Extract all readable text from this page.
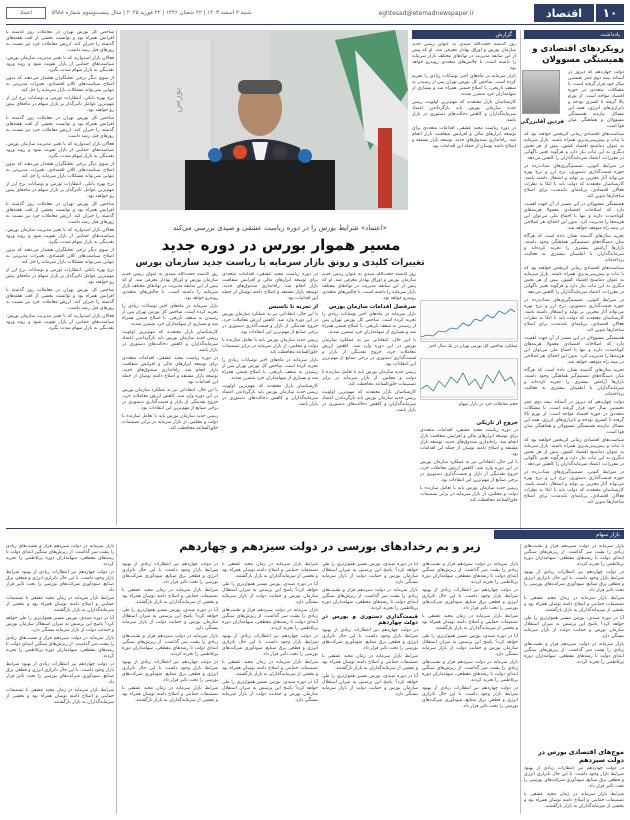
۱۰
اقتصاد
eghtesad@etemadnewspaper.ir
شنبه ۴ اسفند ۱۴۰۳ | ۲۲ شعبان ۱۴۴۶ | ۲۲ فوریه ۲۰۲۵ | سال بیست‌وسوم شماره ۵۹۸۸
اعتماد
یادداشت
رویکردهای اقتصادی و همبستگی مسوولان
فردین آقابزرگی

دولت چهاردهم که دیروز در آستانه نیمه دوم عمر نخستین سال خود قرار گرفته است، با مشکلات متعددی در حوزه اقتصاد مواجه است. از تورم بالا گرفته تا کسری بودجه و ناترازی‌های انرژی، همه این مسائل نیازمند همبستگی مسوولان و هماهنگی میان قوا است.

سیاست‌های اقتصادی زمانی اثربخش خواهند بود که با ثبات و پیش‌بینی‌پذیری همراه باشند. بازار سرمایه به عنوان دماسنج اقتصاد کشور، بیش از هر بخش دیگری به این ثبات نیاز دارد و هرگونه تغییر ناگهانی در مقررات، اعتماد سرمایه‌گذاران را کاهش می‌دهد.

در شرایط کنونی، تصمیم‌گیری‌های شتاب‌زده در حوزه قیمت‌گذاری دستوری، نرخ ارز و نرخ بهره می‌تواند آثار مخربی بر تولید و اشتغال داشته باشد. کارشناسان معتقدند که دولت باید با اتکا به نظرات فعالان اقتصادی، برنامه‌ای بلندمدت برای اصلاح ساختارها تدوین کند.

همبستگی مسوولان در این مسیر از آن جهت اهمیت دارد که اصلاحات اقتصادی معمولا هزینه‌های کوتاه‌مدت دارند و تنها با اجماع ملی می‌توان این هزینه‌ها را مدیریت کرد. بدون این اجماع، هر اصلاحی در نیمه راه متوقف خواهد شد.

تجربه سال‌های گذشته نشان داده است که هرگاه میان دستگاه‌های تصمیم‌گیر هماهنگی وجود داشته، بازارها آرامش بیشتری را تجربه کرده‌اند و سرمایه‌گذاران با اطمینان بیشتری به فعالیت پرداخته‌اند.

سیاست‌های اقتصادی زمانی اثربخش خواهند بود که با ثبات و پیش‌بینی‌پذیری همراه باشند. بازار سرمایه به عنوان دماسنج اقتصاد کشور، بیش از هر بخش دیگری به این ثبات نیاز دارد و هرگونه تغییر ناگهانی در مقررات، اعتماد سرمایه‌گذاران را کاهش می‌دهد.

در شرایط کنونی، تصمیم‌گیری‌های شتاب‌زده در حوزه قیمت‌گذاری دستوری، نرخ ارز و نرخ بهره می‌تواند آثار مخربی بر تولید و اشتغال داشته باشد. کارشناسان معتقدند که دولت باید با اتکا به نظرات فعالان اقتصادی، برنامه‌ای بلندمدت برای اصلاح ساختارها تدوین کند.

همبستگی مسوولان در این مسیر از آن جهت اهمیت دارد که اصلاحات اقتصادی معمولا هزینه‌های کوتاه‌مدت دارند و تنها با اجماع ملی می‌توان این هزینه‌ها را مدیریت کرد. بدون این اجماع، هر اصلاحی در نیمه راه متوقف خواهد شد.

تجربه سال‌های گذشته نشان داده است که هرگاه میان دستگاه‌های تصمیم‌گیر هماهنگی وجود داشته، بازارها آرامش بیشتری را تجربه کرده‌اند و سرمایه‌گذاران با اطمینان بیشتری به فعالیت پرداخته‌اند.

دولت چهاردهم که دیروز در آستانه نیمه دوم عمر نخستین سال خود قرار گرفته است، با مشکلات متعددی در حوزه اقتصاد مواجه است. از تورم بالا گرفته تا کسری بودجه و ناترازی‌های انرژی، همه این مسائل نیازمند همبستگی مسوولان و هماهنگی میان قوا است.

سیاست‌های اقتصادی زمانی اثربخش خواهند بود که با ثبات و پیش‌بینی‌پذیری همراه باشند. بازار سرمایه به عنوان دماسنج اقتصاد کشور، بیش از هر بخش دیگری به این ثبات نیاز دارد و هرگونه تغییر ناگهانی در مقررات، اعتماد سرمایه‌گذاران را کاهش می‌دهد.

در شرایط کنونی، تصمیم‌گیری‌های شتاب‌زده در حوزه قیمت‌گذاری دستوری، نرخ ارز و نرخ بهره می‌تواند آثار مخربی بر تولید و اشتغال داشته باشد. کارشناسان معتقدند که دولت باید با اتکا به نظرات فعالان اقتصادی، برنامه‌ای بلندمدت برای اصلاح ساختارها تدوین کند.

گزارش

روز گذشته حجت‌الله صیدی به عنوان رییس جدید سازمان بورس و اوراق بهادار معرفی شد. او که پیش از این سابقه مدیریت در نهادهای مختلف بازار سرمایه را داشته است، با چالش‌های متعددی روبه‌رو خواهد بود.

بازار سرمایه در ماه‌های اخیر نوسانات زیادی را تجربه کرده است. شاخص کل بورس تهران پس از رسیدن به سقف تاریخی، با اصلاح قیمتی همراه شد و بسیاری از سهامداران خرد متضرر شدند.

کارشناسان بازار معتقدند که مهم‌ترین اولویت رییس جدید سازمان بورس باید بازگرداندن اعتماد سرمایه‌گذاران و کاهش دخالت‌های دستوری در بازار باشد.

در دوره ریاست مجید عشقی، اقدامات متعددی برای توسعه ابزارهای مالی و افزایش شفافیت بازار انجام شد. راه‌اندازی صندوق‌های جدید، توسعه بازار مشتقه و اصلاح دامنه نوسان از جمله این اقدامات بود.

بورس
«اعتماد» شرایط بورس را در دوره ریاست عشقی و صیدی بررسی می‌کند
مسیر هموار بورس در دوره جدید
تغییرات کلیدی و رونق بازار سرمایه با ریاست جدید سازمان بورس

شاخص کل بورس تهران در معاملات روز گذشته با افزایش همراه بود و توانست بخشی از افت هفته‌های گذشته را جبران کند. ارزش معاملات خرد نیز نسبت به روزهای قبل رشد داشت.

فعالان بازار امیدوارند که با تغییر مدیریت سازمان بورس، سیاست‌های حمایتی از بازار تقویت شود و روند ورود نقدینگی به بازار سهام شدت بگیرد.

از سوی دیگر برخی تحلیلگران هشدار می‌دهند که بدون اصلاح سیاست‌های کلان اقتصادی، تغییرات مدیریتی به تنهایی نمی‌تواند مشکلات بازار سرمایه را حل کند.

نرخ بهره بانکی، انتظارات تورمی و نوسانات نرخ ارز از مهم‌ترین عوامل تاثیرگذار بر بازار سهام در ماه‌های پیش رو خواهند بود.

شاخص کل بورس تهران در معاملات روز گذشته با افزایش همراه بود و توانست بخشی از افت هفته‌های گذشته را جبران کند. ارزش معاملات خرد نیز نسبت به روزهای قبل رشد داشت.

فعالان بازار امیدوارند که با تغییر مدیریت سازمان بورس، سیاست‌های حمایتی از بازار تقویت شود و روند ورود نقدینگی به بازار سهام شدت بگیرد.

از سوی دیگر برخی تحلیلگران هشدار می‌دهند که بدون اصلاح سیاست‌های کلان اقتصادی، تغییرات مدیریتی به تنهایی نمی‌تواند مشکلات بازار سرمایه را حل کند.

نرخ بهره بانکی، انتظارات تورمی و نوسانات نرخ ارز از مهم‌ترین عوامل تاثیرگذار بر بازار سهام در ماه‌های پیش رو خواهند بود.

شاخص کل بورس تهران در معاملات روز گذشته با افزایش همراه بود و توانست بخشی از افت هفته‌های گذشته را جبران کند. ارزش معاملات خرد نیز نسبت به روزهای قبل رشد داشت.

فعالان بازار امیدوارند که با تغییر مدیریت سازمان بورس، سیاست‌های حمایتی از بازار تقویت شود و روند ورود نقدینگی به بازار سهام شدت بگیرد.

از سوی دیگر برخی تحلیلگران هشدار می‌دهند که بدون اصلاح سیاست‌های کلان اقتصادی، تغییرات مدیریتی به تنهایی نمی‌تواند مشکلات بازار سرمایه را حل کند.

نرخ بهره بانکی، انتظارات تورمی و نوسانات نرخ ارز از مهم‌ترین عوامل تاثیرگذار بر بازار سهام در ماه‌های پیش رو خواهند بود.

شاخص کل بورس تهران در معاملات روز گذشته با افزایش همراه بود و توانست بخشی از افت هفته‌های گذشته را جبران کند. ارزش معاملات خرد نیز نسبت به روزهای قبل رشد داشت.

فعالان بازار امیدوارند که با تغییر مدیریت سازمان بورس، سیاست‌های حمایتی از بازار تقویت شود و روند ورود نقدینگی به بازار سهام شدت بگیرد.

روز گذشته حجت‌الله صیدی به عنوان رییس جدید سازمان بورس و اوراق بهادار معرفی شد. او که پیش از این سابقه مدیریت در نهادهای مختلف بازار سرمایه را داشته است، با چالش‌های متعددی روبه‌رو خواهد بود.

بازار سرمایه در ماه‌های اخیر نوسانات زیادی را تجربه کرده است. شاخص کل بورس تهران پس از رسیدن به سقف تاریخی، با اصلاح قیمتی همراه شد و بسیاری از سهامداران خرد متضرر شدند.

کارشناسان بازار معتقدند که مهم‌ترین اولویت رییس جدید سازمان بورس باید بازگرداندن اعتماد سرمایه‌گذاران و کاهش دخالت‌های دستوری در بازار باشد.

در دوره ریاست مجید عشقی، اقدامات متعددی برای توسعه ابزارهای مالی و افزایش شفافیت بازار انجام شد. راه‌اندازی صندوق‌های جدید، توسعه بازار مشتقه و اصلاح دامنه نوسان از جمله این اقدامات بود.

با این حال، انتقاداتی نیز به عملکرد سازمان بورس در این دوره وارد شد. کاهش ارزش معاملات خرد، خروج نقدینگی از بازار و قیمت‌گذاری دستوری در برخی صنایع از مهم‌ترین این انتقادات بود.

رییس جدید سازمان بورس باید با تعامل سازنده با دولت و مجلس، از بازار سرمایه در برابر تصمیمات خلق‌الساعه محافظت کند.

در دوره ریاست مجید عشقی، اقدامات متعددی برای توسعه ابزارهای مالی و افزایش شفافیت بازار انجام شد. راه‌اندازی صندوق‌های جدید، توسعه بازار مشتقه و اصلاح دامنه نوسان از جمله این اقدامات بود.

از تجربه تا تاسیس

با این حال، انتقاداتی نیز به عملکرد سازمان بورس در این دوره وارد شد. کاهش ارزش معاملات خرد، خروج نقدینگی از بازار و قیمت‌گذاری دستوری در برخی صنایع از مهم‌ترین این انتقادات بود.

رییس جدید سازمان بورس باید با تعامل سازنده با دولت و مجلس، از بازار سرمایه در برابر تصمیمات خلق‌الساعه محافظت کند.

بازار سرمایه در ماه‌های اخیر نوسانات زیادی را تجربه کرده است. شاخص کل بورس تهران پس از رسیدن به سقف تاریخی، با اصلاح قیمتی همراه شد و بسیاری از سهامداران خرد متضرر شدند.

کارشناسان بازار معتقدند که مهم‌ترین اولویت رییس جدید سازمان بورس باید بازگرداندن اعتماد سرمایه‌گذاران و کاهش دخالت‌های دستوری در بازار باشد.

روز گذشته حجت‌الله صیدی به عنوان رییس جدید سازمان بورس و اوراق بهادار معرفی شد. او که پیش از این سابقه مدیریت در نهادهای مختلف بازار سرمایه را داشته است، با چالش‌های متعددی روبه‌رو خواهد بود.

سرفصل اقدامات سازمان بورس

بازار سرمایه در ماه‌های اخیر نوسانات زیادی را تجربه کرده است. شاخص کل بورس تهران پس از رسیدن به سقف تاریخی، با اصلاح قیمتی همراه شد و بسیاری از سهامداران خرد متضرر شدند.

با این حال، انتقاداتی نیز به عملکرد سازمان بورس در این دوره وارد شد. کاهش ارزش معاملات خرد، خروج نقدینگی از بازار و قیمت‌گذاری دستوری در برخی صنایع از مهم‌ترین این انتقادات بود.

رییس جدید سازمان بورس باید با تعامل سازنده با دولت و مجلس، از بازار سرمایه در برابر تصمیمات خلق‌الساعه محافظت کند.

کارشناسان بازار معتقدند که مهم‌ترین اولویت رییس جدید سازمان بورس باید بازگرداندن اعتماد سرمایه‌گذاران و کاهش دخالت‌های دستوری در بازار باشد.

عملکرد شاخص کل بورس تهران در یک سال اخیر
حجم معاملات خرد در بازار سهام
خروج از تاریکی

در دوره ریاست مجید عشقی، اقدامات متعددی برای توسعه ابزارهای مالی و افزایش شفافیت بازار انجام شد. راه‌اندازی صندوق‌های جدید، توسعه بازار مشتقه و اصلاح دامنه نوسان از جمله این اقدامات بود.

با این حال، انتقاداتی نیز به عملکرد سازمان بورس در این دوره وارد شد. کاهش ارزش معاملات خرد، خروج نقدینگی از بازار و قیمت‌گذاری دستوری در برخی صنایع از مهم‌ترین این انتقادات بود.

رییس جدید سازمان بورس باید با تعامل سازنده با دولت و مجلس، از بازار سرمایه در برابر تصمیمات خلق‌الساعه محافظت کند.

بازار سهام
زیر و بم رخدادهای بورسی در دولت سیزدهم و چهاردهم

بازار سرمایه در دولت سیزدهم فراز و نشیب‌های زیادی را پشت سر گذاشت. از ریزش‌های سنگین ابتدای دولت تا رشدهای مقطعی، سهامداران دوره پرتلاطمی را تجربه کردند.

در دولت چهاردهم نیز انتظارات زیادی از بهبود شرایط بازار وجود داشت. با این حال ناترازی انرژی و قطعی برق صنایع، سودآوری شرکت‌های بورسی را تحت تاثیر قرار داد.

شرایط بازار سرمایه در زمان مجید عشقی با تصمیمات حمایتی و اصلاح دامنه نوسان همراه بود و بخشی از سرمایه‌گذاران به بازار بازگشتند.

آیا در دوره صیدی، بورس مسیر هموارتری را طی خواهد کرد؟ پاسخ این پرسش به میزان استقلال سازمان بورس و حمایت دولت از بازار سرمایه بستگی دارد.

بازار سرمایه در دولت سیزدهم فراز و نشیب‌های زیادی را پشت سر گذاشت. از ریزش‌های سنگین ابتدای دولت تا رشدهای مقطعی، سهامداران دوره پرتلاطمی را تجربه کردند.

در دولت چهاردهم نیز انتظارات زیادی از بهبود شرایط بازار وجود داشت. با این حال ناترازی انرژی و قطعی برق صنایع، سودآوری شرکت‌های بورسی را تحت تاثیر قرار داد.

شرایط بازار سرمایه در زمان مجید عشقی با تصمیمات حمایتی و اصلاح دامنه نوسان همراه بود و بخشی از سرمایه‌گذاران به بازار بازگشتند.

در دولت چهاردهم نیز انتظارات زیادی از بهبود شرایط بازار وجود داشت. با این حال ناترازی انرژی و قطعی برق صنایع، سودآوری شرکت‌های بورسی را تحت تاثیر قرار داد.

شرایط بازار سرمایه در زمان مجید عشقی با تصمیمات حمایتی و اصلاح دامنه نوسان همراه بود و بخشی از سرمایه‌گذاران به بازار بازگشتند.

آیا در دوره صیدی، بورس مسیر هموارتری را طی خواهد کرد؟ پاسخ این پرسش به میزان استقلال سازمان بورس و حمایت دولت از بازار سرمایه بستگی دارد.

بازار سرمایه در دولت سیزدهم فراز و نشیب‌های زیادی را پشت سر گذاشت. از ریزش‌های سنگین ابتدای دولت تا رشدهای مقطعی، سهامداران دوره پرتلاطمی را تجربه کردند.

در دولت چهاردهم نیز انتظارات زیادی از بهبود شرایط بازار وجود داشت. با این حال ناترازی انرژی و قطعی برق صنایع، سودآوری شرکت‌های بورسی را تحت تاثیر قرار داد.

شرایط بازار سرمایه در زمان مجید عشقی با تصمیمات حمایتی و اصلاح دامنه نوسان همراه بود و بخشی از سرمایه‌گذاران به بازار بازگشتند.

شرایط بازار سرمایه در زمان مجید عشقی با تصمیمات حمایتی و اصلاح دامنه نوسان همراه بود و بخشی از سرمایه‌گذاران به بازار بازگشتند.

آیا در دوره صیدی، بورس مسیر هموارتری را طی خواهد کرد؟ پاسخ این پرسش به میزان استقلال سازمان بورس و حمایت دولت از بازار سرمایه بستگی دارد.

بازار سرمایه در دولت سیزدهم فراز و نشیب‌های زیادی را پشت سر گذاشت. از ریزش‌های سنگین ابتدای دولت تا رشدهای مقطعی، سهامداران دوره پرتلاطمی را تجربه کردند.

در دولت چهاردهم نیز انتظارات زیادی از بهبود شرایط بازار وجود داشت. با این حال ناترازی انرژی و قطعی برق صنایع، سودآوری شرکت‌های بورسی را تحت تاثیر قرار داد.

شرایط بازار سرمایه در زمان مجید عشقی با تصمیمات حمایتی و اصلاح دامنه نوسان همراه بود و بخشی از سرمایه‌گذاران به بازار بازگشتند.

آیا در دوره صیدی، بورس مسیر هموارتری را طی خواهد کرد؟ پاسخ این پرسش به میزان استقلال سازمان بورس و حمایت دولت از بازار سرمایه بستگی دارد.

آیا در دوره صیدی، بورس مسیر هموارتری را طی خواهد کرد؟ پاسخ این پرسش به میزان استقلال سازمان بورس و حمایت دولت از بازار سرمایه بستگی دارد.

بازار سرمایه در دولت سیزدهم فراز و نشیب‌های زیادی را پشت سر گذاشت. از ریزش‌های سنگین ابتدای دولت تا رشدهای مقطعی، سهامداران دوره پرتلاطمی را تجربه کردند.

قیمت‌گذاری دستوری و بورس در دولت چهاردهم

در دولت چهاردهم نیز انتظارات زیادی از بهبود شرایط بازار وجود داشت. با این حال ناترازی انرژی و قطعی برق صنایع، سودآوری شرکت‌های بورسی را تحت تاثیر قرار داد.

شرایط بازار سرمایه در زمان مجید عشقی با تصمیمات حمایتی و اصلاح دامنه نوسان همراه بود و بخشی از سرمایه‌گذاران به بازار بازگشتند.

آیا در دوره صیدی، بورس مسیر هموارتری را طی خواهد کرد؟ پاسخ این پرسش به میزان استقلال سازمان بورس و حمایت دولت از بازار سرمایه بستگی دارد.

بازار سرمایه در دولت سیزدهم فراز و نشیب‌های زیادی را پشت سر گذاشت. از ریزش‌های سنگین ابتدای دولت تا رشدهای مقطعی، سهامداران دوره پرتلاطمی را تجربه کردند.

در دولت چهاردهم نیز انتظارات زیادی از بهبود شرایط بازار وجود داشت. با این حال ناترازی انرژی و قطعی برق صنایع، سودآوری شرکت‌های بورسی را تحت تاثیر قرار داد.

شرایط بازار سرمایه در زمان مجید عشقی با تصمیمات حمایتی و اصلاح دامنه نوسان همراه بود و بخشی از سرمایه‌گذاران به بازار بازگشتند.

آیا در دوره صیدی، بورس مسیر هموارتری را طی خواهد کرد؟ پاسخ این پرسش به میزان استقلال سازمان بورس و حمایت دولت از بازار سرمایه بستگی دارد.

بازار سرمایه در دولت سیزدهم فراز و نشیب‌های زیادی را پشت سر گذاشت. از ریزش‌های سنگین ابتدای دولت تا رشدهای مقطعی، سهامداران دوره پرتلاطمی را تجربه کردند.

در دولت چهاردهم نیز انتظارات زیادی از بهبود شرایط بازار وجود داشت. با این حال ناترازی انرژی و قطعی برق صنایع، سودآوری شرکت‌های بورسی را تحت تاثیر قرار داد.

بازار سرمایه در دولت سیزدهم فراز و نشیب‌های زیادی را پشت سر گذاشت. از ریزش‌های سنگین ابتدای دولت تا رشدهای مقطعی، سهامداران دوره پرتلاطمی را تجربه کردند.

در دولت چهاردهم نیز انتظارات زیادی از بهبود شرایط بازار وجود داشت. با این حال ناترازی انرژی و قطعی برق صنایع، سودآوری شرکت‌های بورسی را تحت تاثیر قرار داد.

شرایط بازار سرمایه در زمان مجید عشقی با تصمیمات حمایتی و اصلاح دامنه نوسان همراه بود و بخشی از سرمایه‌گذاران به بازار بازگشتند.

آیا در دوره صیدی، بورس مسیر هموارتری را طی خواهد کرد؟ پاسخ این پرسش به میزان استقلال سازمان بورس و حمایت دولت از بازار سرمایه بستگی دارد.

بازار سرمایه در دولت سیزدهم فراز و نشیب‌های زیادی را پشت سر گذاشت. از ریزش‌های سنگین ابتدای دولت تا رشدهای مقطعی، سهامداران دوره پرتلاطمی را تجربه کردند.

موج‌های اقتصادی بورس در دولت سیزدهم

در دولت چهاردهم نیز انتظارات زیادی از بهبود شرایط بازار وجود داشت. با این حال ناترازی انرژی و قطعی برق صنایع، سودآوری شرکت‌های بورسی را تحت تاثیر قرار داد.

شرایط بازار سرمایه در زمان مجید عشقی با تصمیمات حمایتی و اصلاح دامنه نوسان همراه بود و بخشی از سرمایه‌گذاران به بازار بازگشتند.
